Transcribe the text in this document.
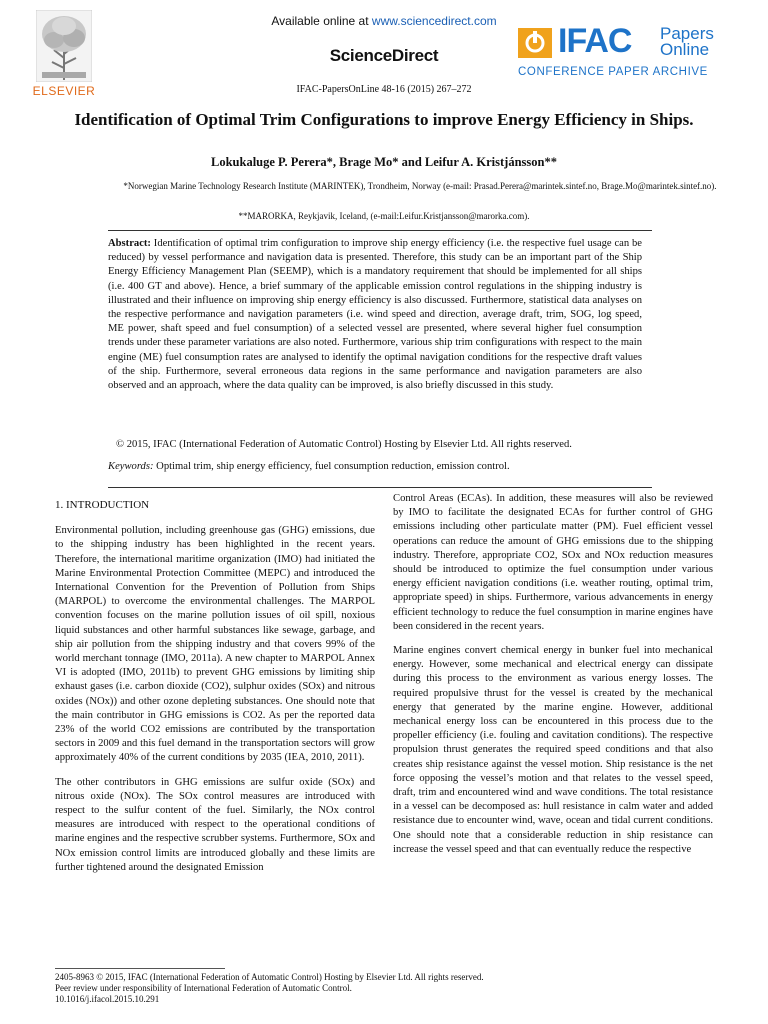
ELSEVIER
Available online at www.sciencedirect.com
ScienceDirect
IFAC-PapersOnLine 48-16 (2015) 267–272
IFAC Papers
Online
CONFERENCE PAPER ARCHIVE
Identification of Optimal Trim Configurations to improve Energy Efficiency in Ships.
Lokukaluge P. Perera*, Brage Mo* and Leifur A. Kristjánsson**
*Norwegian Marine Technology Research Institute (MARINTEK), Trondheim, Norway (e-mail: Prasad.Perera@marintek.sintef.no, Brage.Mo@marintek.sintef.no).
**MARORKA, Reykjavik, Iceland, (e-mail:Leifur.Kristjansson@marorka.com).
Abstract: Identification of optimal trim configuration to improve ship energy efficiency (i.e. the respective fuel usage can be reduced) by vessel performance and navigation data is presented. Therefore, this study can be an important part of the Ship Energy Efficiency Management Plan (SEEMP), which is a mandatory requirement that should be implemented for all ships (i.e. 400 GT and above). Hence, a brief summary of the applicable emission control regulations in the shipping industry is illustrated and their influence on improving ship energy efficiency is also discussed. Furthermore, statistical data analyses on the respective performance and navigation parameters (i.e. wind speed and direction, average draft, trim, SOG, log speed, ME power, shaft speed and fuel consumption) of a selected vessel are presented, where several higher fuel consumption trends under these parameter variations are also noted. Furthermore, various ship trim configurations with respect to the main engine (ME) fuel consumption rates are analysed to identify the optimal navigation conditions for the respective draft values of the ship. Furthermore, several erroneous data regions in the same performance and navigation parameters are also observed and an approach, where the data quality can be improved, is also briefly discussed in this study.
© 2015, IFAC (International Federation of Automatic Control) Hosting by Elsevier Ltd. All rights reserved.
Keywords: Optimal trim, ship energy efficiency, fuel consumption reduction, emission control.
1. INTRODUCTION

Environmental pollution, including greenhouse gas (GHG) emissions, due to the shipping industry has been highlighted in the recent years. Therefore, the international maritime organization (IMO) had initiated the Marine Environmental Protection Committee (MEPC) and introduced the International Convention for the Prevention of Pollution from Ships (MARPOL) to overcome the environmental challenges. The MARPOL convention focuses on the marine pollution issues of oil spill, noxious liquid substances and other harmful substances like sewage, garbage, and ship air pollution from the shipping industry and that covers 99% of the world merchant tonnage (IMO, 2011a). A new chapter to MARPOL Annex VI is adopted (IMO, 2011b) to prevent GHG emissions by limiting ship exhaust gases (i.e. carbon dioxide (CO2), sulphur oxides (SOx) and nitrous oxides (NOx)) and other ozone depleting substances. One should note that the main contributor in GHG emissions is CO2. As per the reported data 23% of the world CO2 emissions are contributed by the transportation sectors in 2009 and this fuel demand in the transportation sectors will grow approximately 40% of the current conditions by 2035 (IEA, 2010, 2011).

The other contributors in GHG emissions are sulfur oxide (SOx) and nitrous oxide (NOx). The SOx control measures are introduced with respect to the sulfur content of the fuel. Similarly, the NOx control measures are introduced with respect to the operational conditions of marine engines and the respective scrubber systems. Furthermore, SOx and NOx emission control limits are introduced globally and these limits are further tightened around the designated Emission

Control Areas (ECAs). In addition, these measures will also be reviewed by IMO to facilitate the designated ECAs for further control of GHG emissions including other particulate matter (PM). Fuel efficient vessel operations can reduce the amount of GHG emissions due to the shipping industry. Therefore, appropriate CO2, SOx and NOx reduction measures should be introduced to optimize the fuel consumption under various energy efficient navigation conditions (i.e. weather routing, optimal trim, appropriate speed) in ships. Furthermore, various advancements in energy efficient technology to reduce the fuel consumption in marine engines have been considered in the recent years.

Marine engines convert chemical energy in bunker fuel into mechanical energy. However, some mechanical and electrical energy can dissipate during this process to the environment as various energy losses. The required propulsive thrust for the vessel is created by the mechanical energy that generated by the marine engine. However, additional mechanical energy loss can be encountered in this process due to the propeller efficiency (i.e. fouling and cavitation conditions). The respective propulsion thrust generates the required speed conditions and that also creates ship resistance against the vessel motion. Ship resistance is the net force opposing the vessel’s motion and that relates to the vessel speed, draft, trim and encountered wind and wave conditions. The total resistance in a vessel can be decomposed as: hull resistance in calm water and added resistance due to encounter wind, wave, ocean and tidal current conditions. One should note that a considerable reduction in ship resistance can increase the vessel speed and that can eventually reduce the respective

2405-8963 © 2015, IFAC (International Federation of Automatic Control) Hosting by Elsevier Ltd. All rights reserved.
Peer review under responsibility of International Federation of Automatic Control.
10.1016/j.ifacol.2015.10.291
